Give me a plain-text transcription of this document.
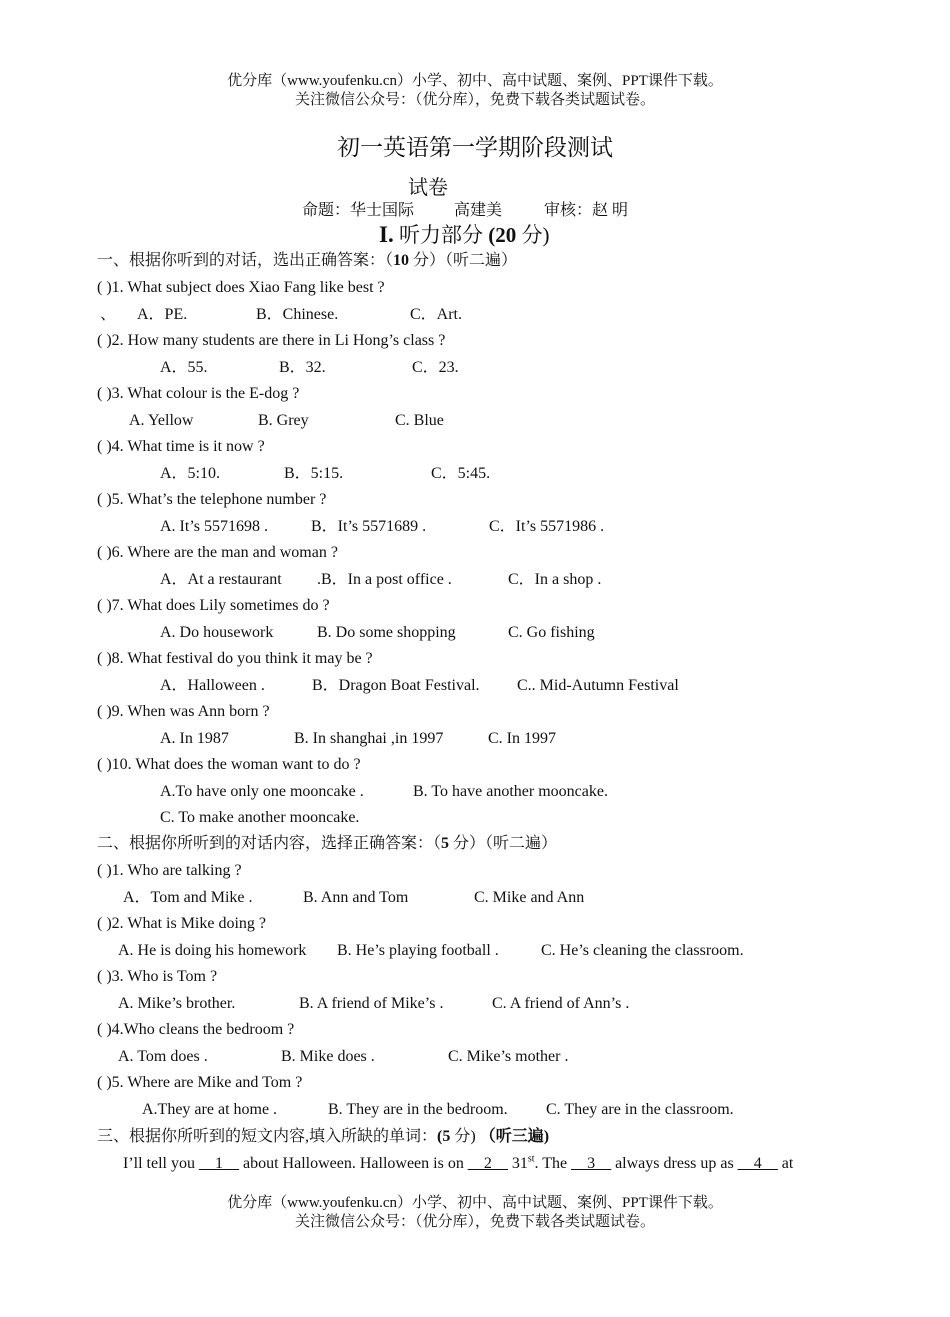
优分库（www.youfenku.cn）小学、初中、高中试题、案例、PPT课件下载。
关注微信公众号：（优分库），免费下载各类试题试卷。
初一英语第一学期阶段测试
试卷
命题：华士国际	高建美	审核：赵 明
I. 听力部分 (20 分)
一、根据你听到的对话，选出正确答案：（10 分）（听二遍）
( )1. What subject does Xiao Fang like best ?
、 A．PE.	B．Chinese.	C．Art.
( )2. How many students are there in Li Hong’s class ?
A．55.	B．32.	C．23.
( )3. What colour is the E-dog ?
A. Yellow	B. Grey	C. Blue
( )4. What time is it now ?
A．5:10.	B．5:15.	C．5:45.
( )5. What’s the telephone number ?
A. It’s 5571698 .	B．It’s 5571689 .	C．It’s 5571986 .
( )6. Where are the man and woman ?
A．At a restaurant .B．In a post office .	C．In a shop .
( )7. What does Lily sometimes do ?
A. Do housework	B. Do some shopping	C. Go fishing
( )8. What festival do you think it may be ?
A．Halloween .	B．Dragon Boat Festival. C.. Mid-Autumn Festival
( )9. When was Ann born ?
A. In 1987	B. In shanghai ,in 1997	C. In 1997
( )10. What does the woman want to do ?
A.To have only one mooncake .	B. To have another mooncake.
C. To make another mooncake.
二、根据你所听到的对话内容，选择正确答案：（5 分）（听二遍）
( )1. Who are talking ?
A．Tom and Mike .	B. Ann and Tom	C. Mike and Ann
( )2. What is Mike doing ?
A. He is doing his homework B. He’s playing football .	C. He’s cleaning the classroom.
( )3. Who is Tom ?
A. Mike’s brother.	B. A friend of Mike’s .	C. A friend of Ann’s .
( )4.Who cleans the bedroom ?
A. Tom does .	B. Mike does .	C. Mike’s mother .
( )5. Where are Mike and Tom ?
A.They are at home .	B. They are in the bedroom. C. They are in the classroom.
三、根据你所听到的短文内容,填入所缺的单词：(5 分) （听三遍)
I’ll tell you __1__ about Halloween. Halloween is on __2__ 31st. The __3__ always dress up as __4__ at
优分库（www.youfenku.cn）小学、初中、高中试题、案例、PPT课件下载。
关注微信公众号：（优分库），免费下载各类试题试卷。
